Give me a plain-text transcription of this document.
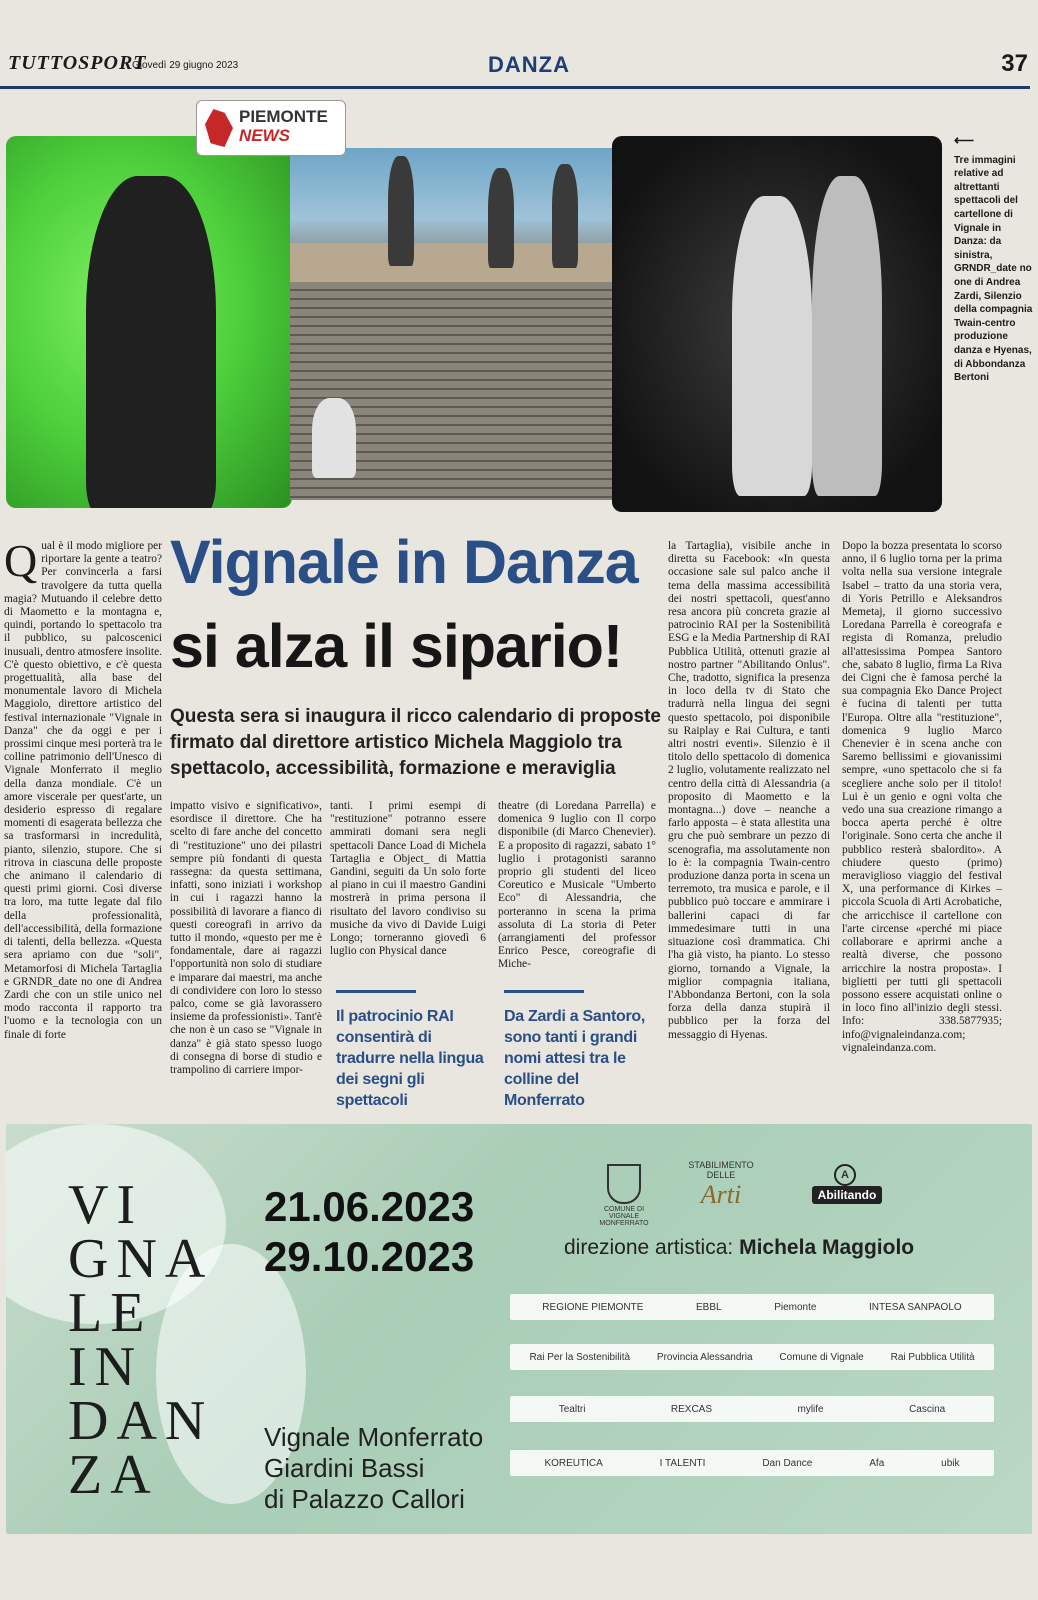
TUTTOSPORT
Giovedì 29 giugno 2023	DANZA	37
PIEMONTE
NEWS	⟵
Tre immagini relative ad altrettanti spettacoli del cartellone di Vignale in Danza: da sinistra, GRNDR_date no one di Andrea Zardi, Silenzio della compagnia Twain-centro produzione danza e Hyenas, di Abbondanza Bertoni
Vignale in Danza
si alza il sipario!
Questa sera si inaugura il ricco calendario di proposte firmato dal direttore artistico Michela Maggiolo tra spettacolo, accessibilità, formazione e meraviglia
Q ual è il modo migliore per riportare la gente a teatro? Per convincerla a farsi travolgere da tutta quella magia? Mutuando il celebre detto di Maometto e la montagna e, quindi, portando lo spettacolo tra il pubblico, su palcoscenici inusuali, dentro atmosfere insolite. C'è questo obiettivo, e c'è questa progettualità, alla base del monumentale lavoro di Michela Maggiolo, direttore artistico del festival internazionale "Vignale in Danza" che da oggi e per i prossimi cinque mesi porterà tra le colline patrimonio dell'Unesco di Vignale Monferrato il meglio della danza mondiale. C'è un amore viscerale per quest'arte, un desiderio espresso di regalare momenti di esagerata bellezza che sa trasformarsi in incredulità, pianto, silenzio, stupore. Che si ritrova in ciascuna delle proposte che animano il calendario di questi primi giorni. Così diverse tra loro, ma tutte legate dal filo della professionalità, dell'accessibilità, della formazione di talenti, della bellezza. «Questa sera apriamo con due "soli", Metamorfosi di Michela Tartaglia e GRNDR_date no one di Andrea Zardi che con un stile unico nel modo racconta il rapporto tra l'uomo e la tecnologia con un finale di forte

impatto visivo e significativo», esordisce il direttore. Che ha scelto di fare anche del concetto di "restituzione" uno dei pilastri sempre più fondanti di questa rassegna: da questa settimana, infatti, sono iniziati i workshop in cui i ragazzi hanno la possibilità di lavorare a fianco di questi coreografi in arrivo da tutto il mondo, «questo per me è fondamentale, dare ai ragazzi l'opportunità non solo di studiare e imparare dai maestri, ma anche di condividere con loro lo stesso palco, come se già lavorassero insieme da professionisti». Tant'è che non è un caso se "Vignale in danza" è già stato spesso luogo di consegna di borse di studio e trampolino di carriere impor-

tanti. I primi esempi di "restituzione" potranno essere ammirati domani sera negli spettacoli Dance Load di Michela Tartaglia e Object_ di Mattia Gandini, seguiti da Un solo forte al piano in cui il maestro Gandini mostrerà in prima persona il risultato del lavoro condiviso su musiche da vivo di Davide Luigi Longo; torneranno giovedì 6 luglio con Physical dance

theatre (di Loredana Parrella) e domenica 9 luglio con Il corpo disponibile (di Marco Chenevier). E a proposito di ragazzi, sabato 1° luglio i protagonisti saranno proprio gli studenti del liceo Coreutico e Musicale "Umberto Eco" di Alessandria, che porteranno in scena la prima assoluta di La storia di Peter (arrangiamenti del professor Enrico Pesce, coreografie di Miche-

la Tartaglia), visibile anche in diretta su Facebook: «In questa occasione sale sul palco anche il tema della massima accessibilità dei nostri spettacoli, quest'anno resa ancora più concreta grazie al patrocinio RAI per la Sostenibilità ESG e la Media Partnership di RAI Pubblica Utilità, ottenuti grazie al nostro partner "Abilitando Onlus". Che, tradotto, significa la presenza in loco della tv di Stato che tradurrà nella lingua dei segni questo spettacolo, poi disponibile su Raiplay e Rai Cultura, e tanti altri nostri eventi». Silenzio è il titolo dello spettacolo di domenica 2 luglio, volutamente realizzato nel centro della città di Alessandria (a proposito di Maometto e la montagna...) dove – neanche a farlo apposta – è stata allestita una gru che può sembrare un pezzo di scenografia, ma assolutamente non lo è: la compagnia Twain-centro produzione danza porta in scena un terremoto, tra musica e parole, e il pubblico può toccare e ammirare i ballerini capaci di far immedesimare tutti in una situazione così drammatica. Chi l'ha già visto, ha pianto. Lo stesso giorno, tornando a Vignale, la miglior compagnia italiana, l'Abbondanza Bertoni, con la sola forza della danza stupirà il pubblico per la forza del messaggio di Hyenas.

Dopo la bozza presentata lo scorso anno, il 6 luglio torna per la prima volta nella sua versione integrale Isabel – tratto da una storia vera, di Yoris Petrillo e Aleksandros Memetaj, il giorno successivo Loredana Parrella è coreografa e regista di Romanza, preludio all'attesissima Pompea Santoro che, sabato 8 luglio, firma La Riva dei Cigni che è famosa perché la sua compagnia Eko Dance Project è fucina di talenti per tutta l'Europa. Oltre alla "restituzione", domenica 9 luglio Marco Chenevier è in scena anche con Saremo bellissimi e giovanissimi sempre, «uno spettacolo che si fa scegliere anche solo per il titolo! Lui è un genio e ogni volta che vedo una sua creazione rimango a bocca aperta perché è oltre l'originale. Sono certa che anche il pubblico resterà sbalordito». A chiudere questo (primo) meraviglioso viaggio del festival X, una performance di Kirkes – piccola Scuola di Arti Acrobatiche, che arricchisce il cartellone con l'arte circense «perché mi piace collaborare e aprirmi anche a realtà diverse, che possono arricchire la nostra proposta». I biglietti per tutti gli spettacoli possono essere acquistati online o in loco fino all'inizio degli stessi. Info: 338.5877935; info@vignaleindanza.com; vignaleindanza.com.

Il patrocinio RAI consentirà di tradurre nella lingua dei segni gli spettacoli
Da Zardi a Santoro, sono tanti i grandi nomi attesi tra le colline del Monferrato
VI GNA LE IN DAN ZA
21.06.2023
29.10.2023	direzione artistica: Michela Maggiolo
Vignale Monferrato
Giardini Bassi
di Palazzo Callori
COMUNE DI VIGNALE MONFERRATO
STABILIMENTO DELLE
Arti
A
Abilitando
REGIONE PIEMONTE	EBBL	Piemonte	INTESA SANPAOLO
Rai Per la Sostenibilità	Provincia Alessandria	Comune di Vignale	Rai Pubblica Utilità
Tealtri	REXCAS	mylife	Cascina
KOREUTICA	I TALENTI	Dan Dance	Afa	ubik
